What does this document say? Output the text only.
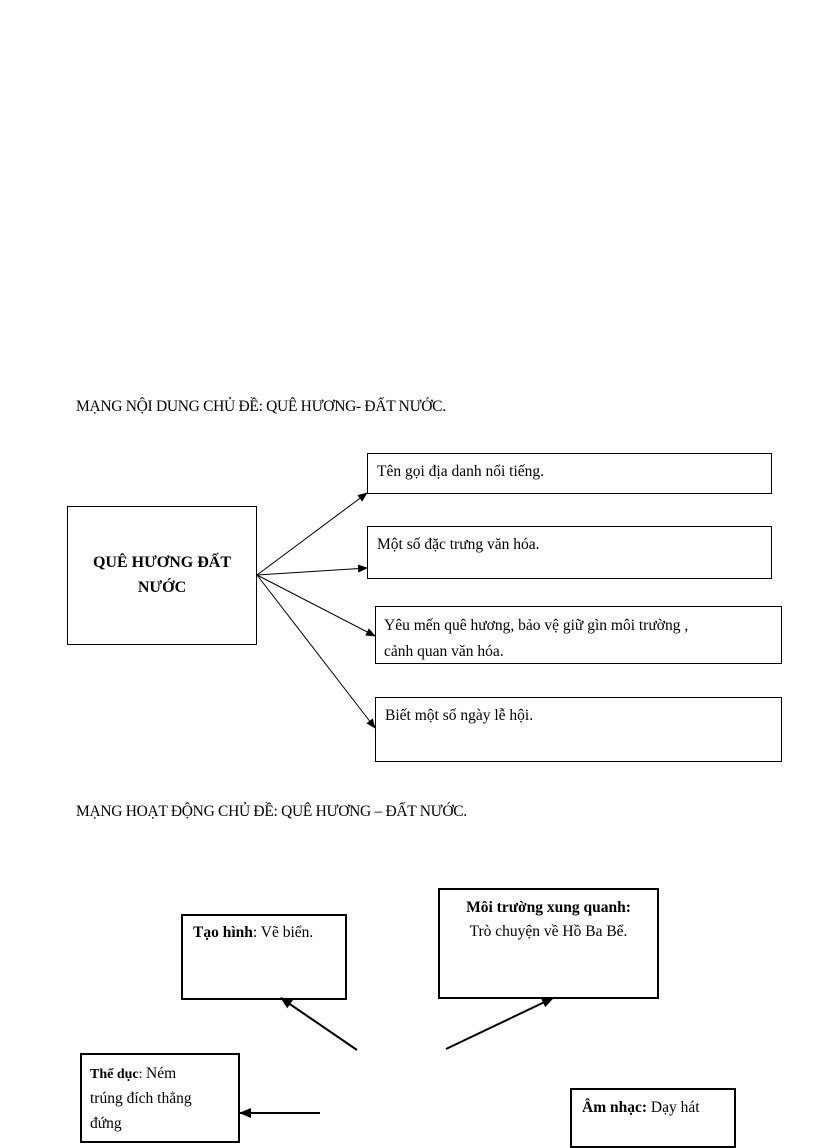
MẠNG NỘI DUNG CHỦ ĐỀ: QUÊ HƯƠNG- ĐẤT NƯỚC.
QUÊ HƯƠNG ĐẤT
NƯỚC
Tên gọi địa danh nổi tiếng.
Một số đặc trưng văn hóa.
Yêu mến quê hương, bảo vệ giữ gìn môi trường ,
cảnh quan văn hóa.
Biết một số ngày lễ hội.
MẠNG HOẠT ĐỘNG CHỦ ĐỀ: QUÊ HƯƠNG – ĐẤT NƯỚC.
Tạo hình: Vẽ biển.
Môi trường xung quanh:
Trò chuyện về Hồ Ba Bể.
Thể dục: Ném
trúng đích thẳng
đứng
Âm nhạc: Dạy hát
